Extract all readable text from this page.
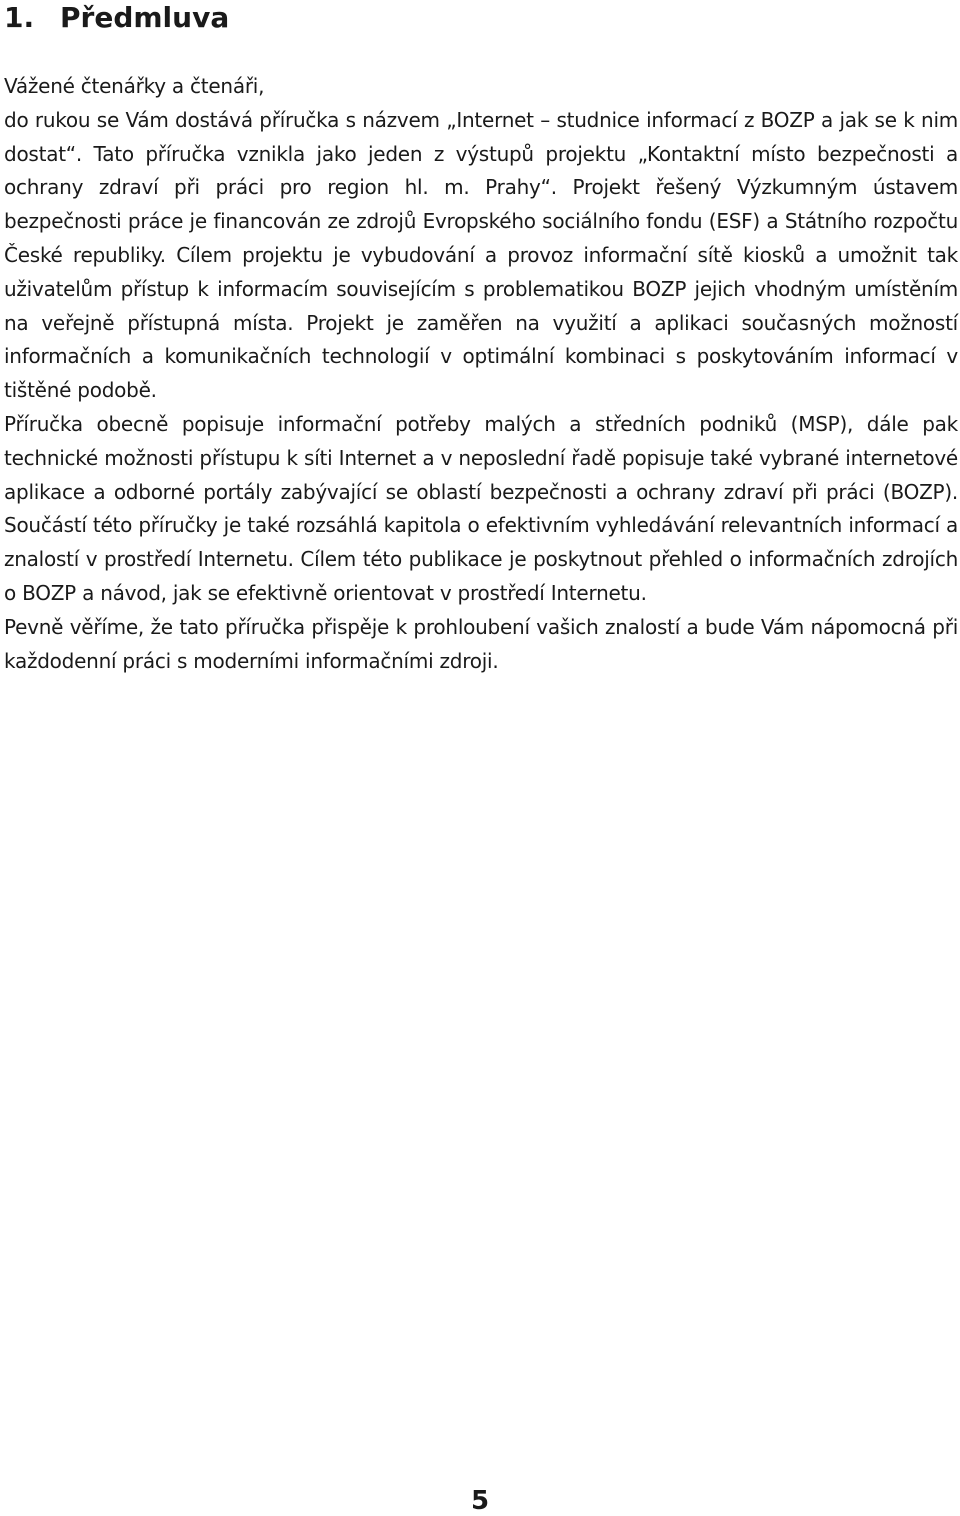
1. Předmluva

Vážené čtenářky a čtenáři,

do rukou se Vám dostává příručka s názvem „Internet – studnice informací z BOZP a jak se k nim dostat“. Tato příručka vznikla jako jeden z výstupů projektu „Kontaktní místo bezpečnosti a ochrany zdraví při práci pro region hl. m. Prahy“. Projekt řešený Výzkumným ústavem bezpečnosti práce je financován ze zdrojů Evropského sociálního fondu (ESF) a Státního rozpočtu České republiky. Cílem projektu je vybudování a provoz informační sítě kiosků a umožnit tak uživatelům přístup k informacím souvisejícím s problematikou BOZP jejich vhodným umístěním na veřejně přístupná místa. Projekt je zaměřen na využití a aplikaci současných možností informačních a komunikačních technologií v optimální kombinaci s poskytováním informací v tištěné podobě.

Příručka obecně popisuje informační potřeby malých a středních podniků (MSP), dále pak technické možnosti přístupu k síti Internet a v neposlední řadě popisuje také vybrané internetové aplikace a odborné portály zabývající se oblastí bezpečnosti a ochrany zdraví při práci (BOZP). Součástí této příručky je také rozsáhlá kapitola o efektivním vyhledávání relevantních informací a znalostí v prostředí Internetu. Cílem této publikace je poskytnout přehled o informačních zdrojích o BOZP a návod, jak se efektivně orientovat v prostředí Internetu.

Pevně věříme, že tato příručka přispěje k prohloubení vašich znalostí a bude Vám nápomocná při každodenní práci s moderními informačními zdroji.

5
